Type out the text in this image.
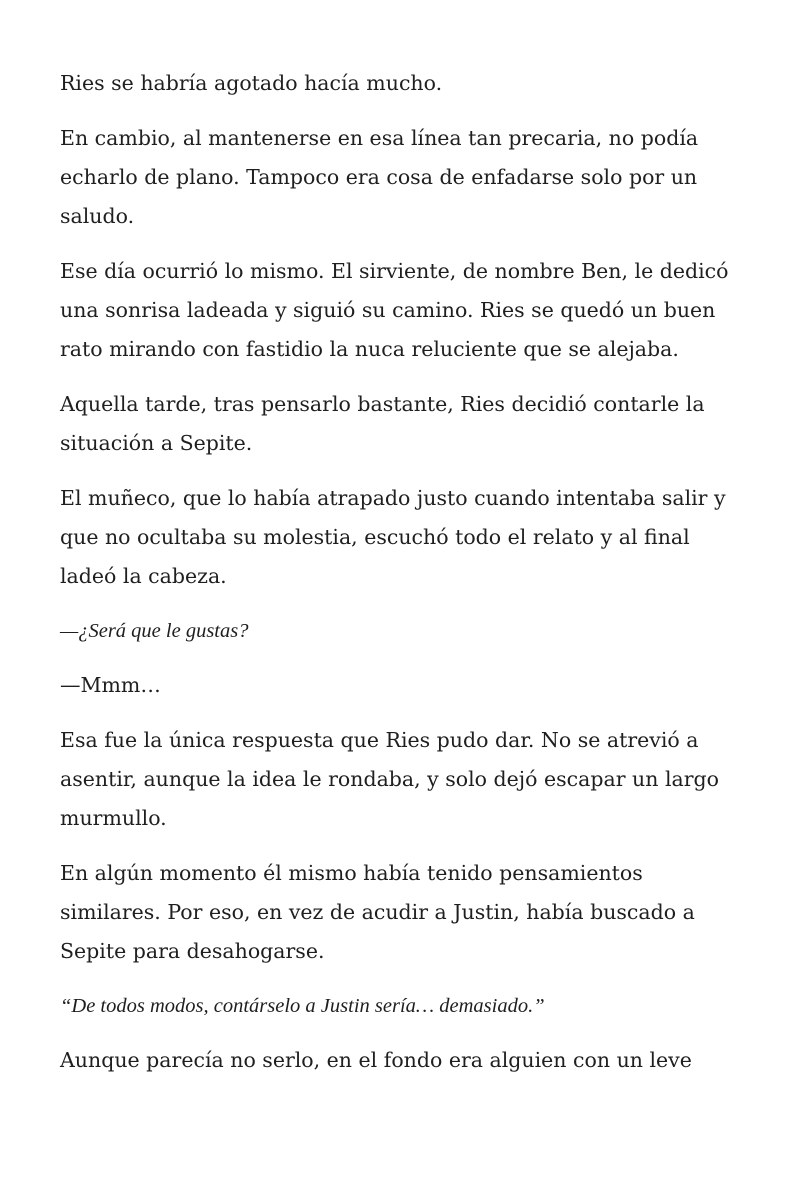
Ries se habría agotado hacía mucho.

En cambio, al mantenerse en esa línea tan precaria, no podía echarlo de plano. Tampoco era cosa de enfadarse solo por un saludo.

Ese día ocurrió lo mismo. El sirviente, de nombre Ben, le dedicó una sonrisa ladeada y siguió su camino. Ries se quedó un buen rato mirando con fastidio la nuca reluciente que se alejaba.

Aquella tarde, tras pensarlo bastante, Ries decidió contarle la situación a Sepite.

El muñeco, que lo había atrapado justo cuando intentaba salir y que no ocultaba su molestia, escuchó todo el relato y al final ladeó la cabeza.

—¿Será que le gustas?

—Mmm…

Esa fue la única respuesta que Ries pudo dar. No se atrevió a asentir, aunque la idea le rondaba, y solo dejó escapar un largo murmullo.

En algún momento él mismo había tenido pensamientos similares. Por eso, en vez de acudir a Justin, había buscado a Sepite para desahogarse.

“De todos modos, contárselo a Justin sería… demasiado.”

Aunque parecía no serlo, en el fondo era alguien con un leve
